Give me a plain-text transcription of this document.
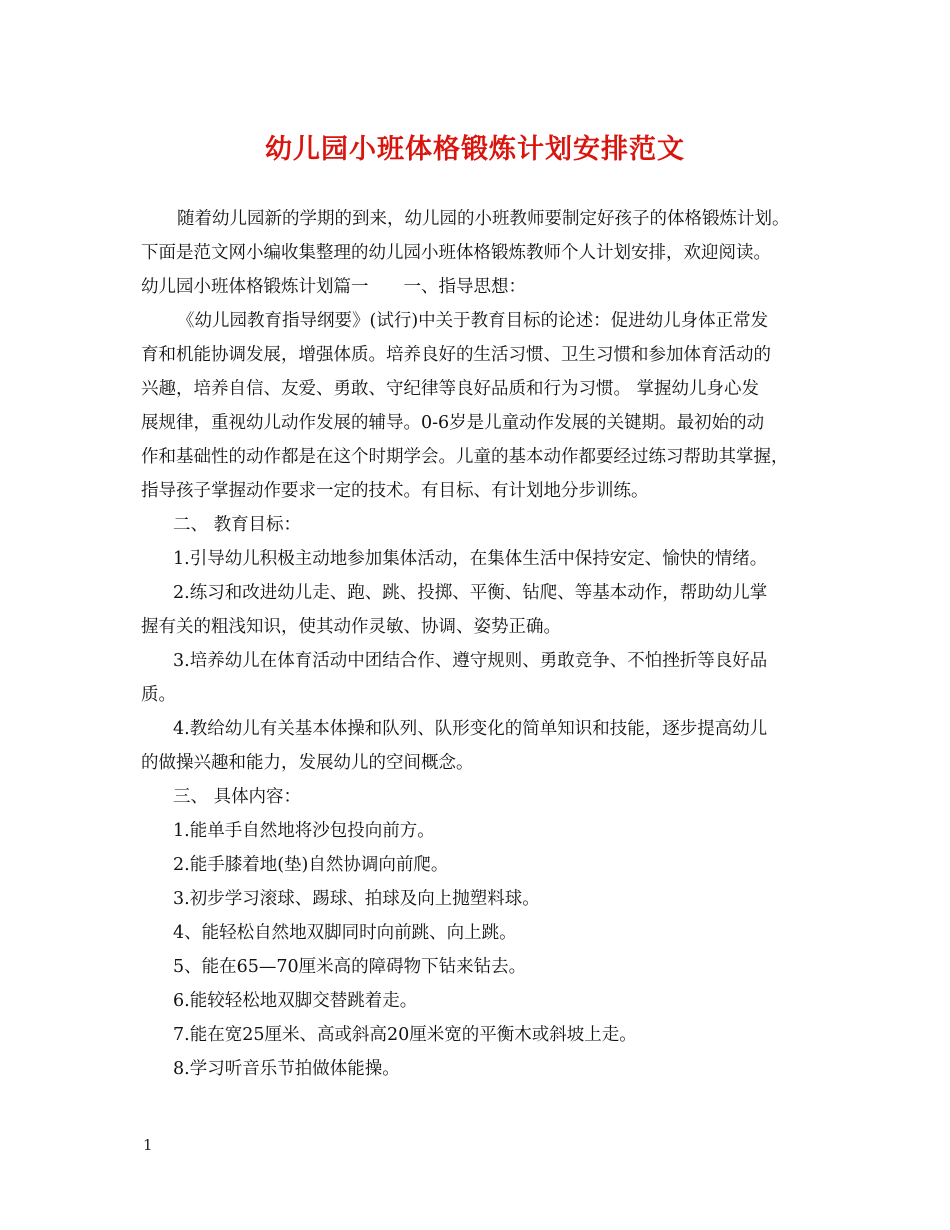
幼儿园小班体格锻炼计划安排范文

随着幼儿园新的学期的到来，幼儿园的小班教师要制定好孩子的体格锻炼计划。

下面是范文网小编收集整理的幼儿园小班体格锻炼教师个人计划安排，欢迎阅读。

幼儿园小班体格锻炼计划篇一　　一、指导思想：

《幼儿园教育指导纲要》(试行)中关于教育目标的论述：促进幼儿身体正常发

育和机能协调发展，增强体质。培养良好的生活习惯、卫生习惯和参加体育活动的

兴趣，培养自信、友爱、勇敢、守纪律等良好品质和行为习惯。 掌握幼儿身心发

展规律，重视幼儿动作发展的辅导。0-6岁是儿童动作发展的关键期。最初始的动

作和基础性的动作都是在这个时期学会。儿童的基本动作都要经过练习帮助其掌握，

指导孩子掌握动作要求一定的技术。有目标、有计划地分步训练。

二、 教育目标：

1.引导幼儿积极主动地参加集体活动，在集体生活中保持安定、愉快的情绪。

2.练习和改进幼儿走、跑、跳、投掷、平衡、钻爬、等基本动作，帮助幼儿掌

握有关的粗浅知识，使其动作灵敏、协调、姿势正确。

3.培养幼儿在体育活动中团结合作、遵守规则、勇敢竞争、不怕挫折等良好品

质。

4.教给幼儿有关基本体操和队列、队形变化的简单知识和技能，逐步提高幼儿

的做操兴趣和能力，发展幼儿的空间概念。

三、 具体内容：

1.能单手自然地将沙包投向前方。

2.能手膝着地(垫)自然协调向前爬。

3.初步学习滚球、踢球、拍球及向上抛塑料球。

4、能轻松自然地双脚同时向前跳、向上跳。

5、能在65—70厘米高的障碍物下钻来钻去。

6.能较轻松地双脚交替跳着走。

7.能在宽25厘米、高或斜高20厘米宽的平衡木或斜坡上走。

8.学习听音乐节拍做体能操。

1
